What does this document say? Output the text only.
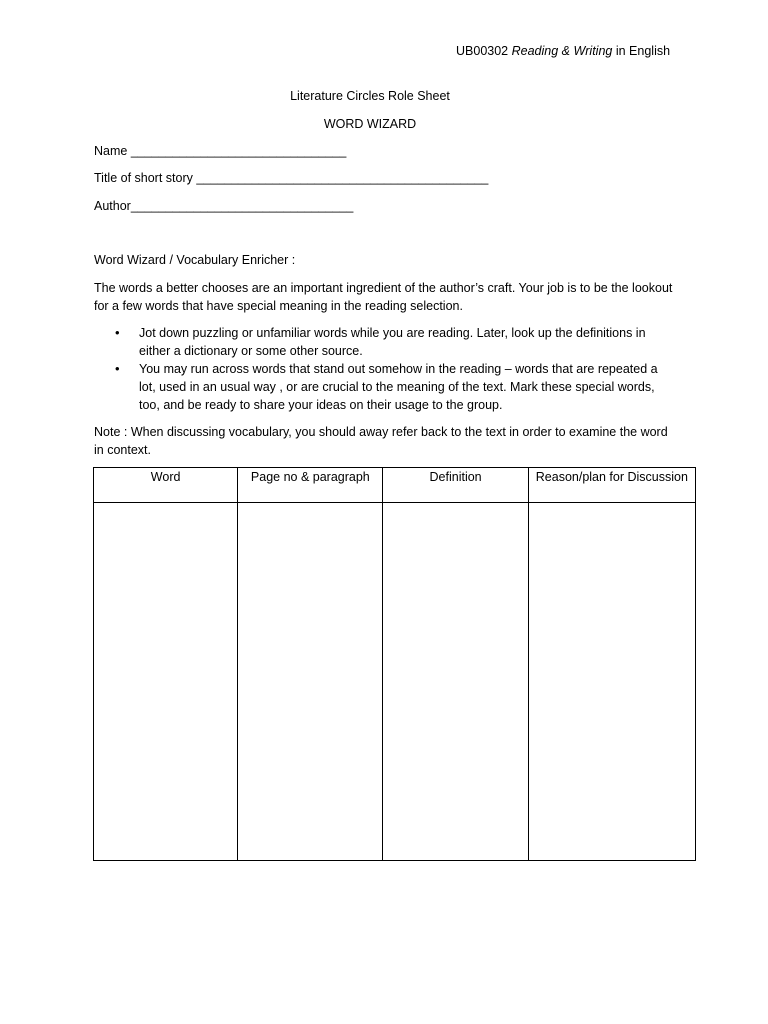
UB00302 Reading & Writing in English
Literature Circles Role Sheet
WORD WIZARD
Name _______________________________
Title of short story __________________________________________
Author________________________________
Word Wizard / Vocabulary Enricher :
The words a better chooses are an important ingredient of the author’s craft. Your job is to be the lookout for a few words that have special meaning in the reading selection.
• Jot down puzzling or unfamiliar words while you are reading. Later, look up the definitions in either a dictionary or some other source.
• You may run across words that stand out somehow in the reading – words that are repeated a lot, used in an usual way , or are crucial to the meaning of the text. Mark these special words, too, and be ready to share your ideas on their usage to the group.
Note : When discussing vocabulary, you should away refer back to the text in order to examine the word in context.
Word	Page no & paragraph	Definition	Reason/plan for Discussion
